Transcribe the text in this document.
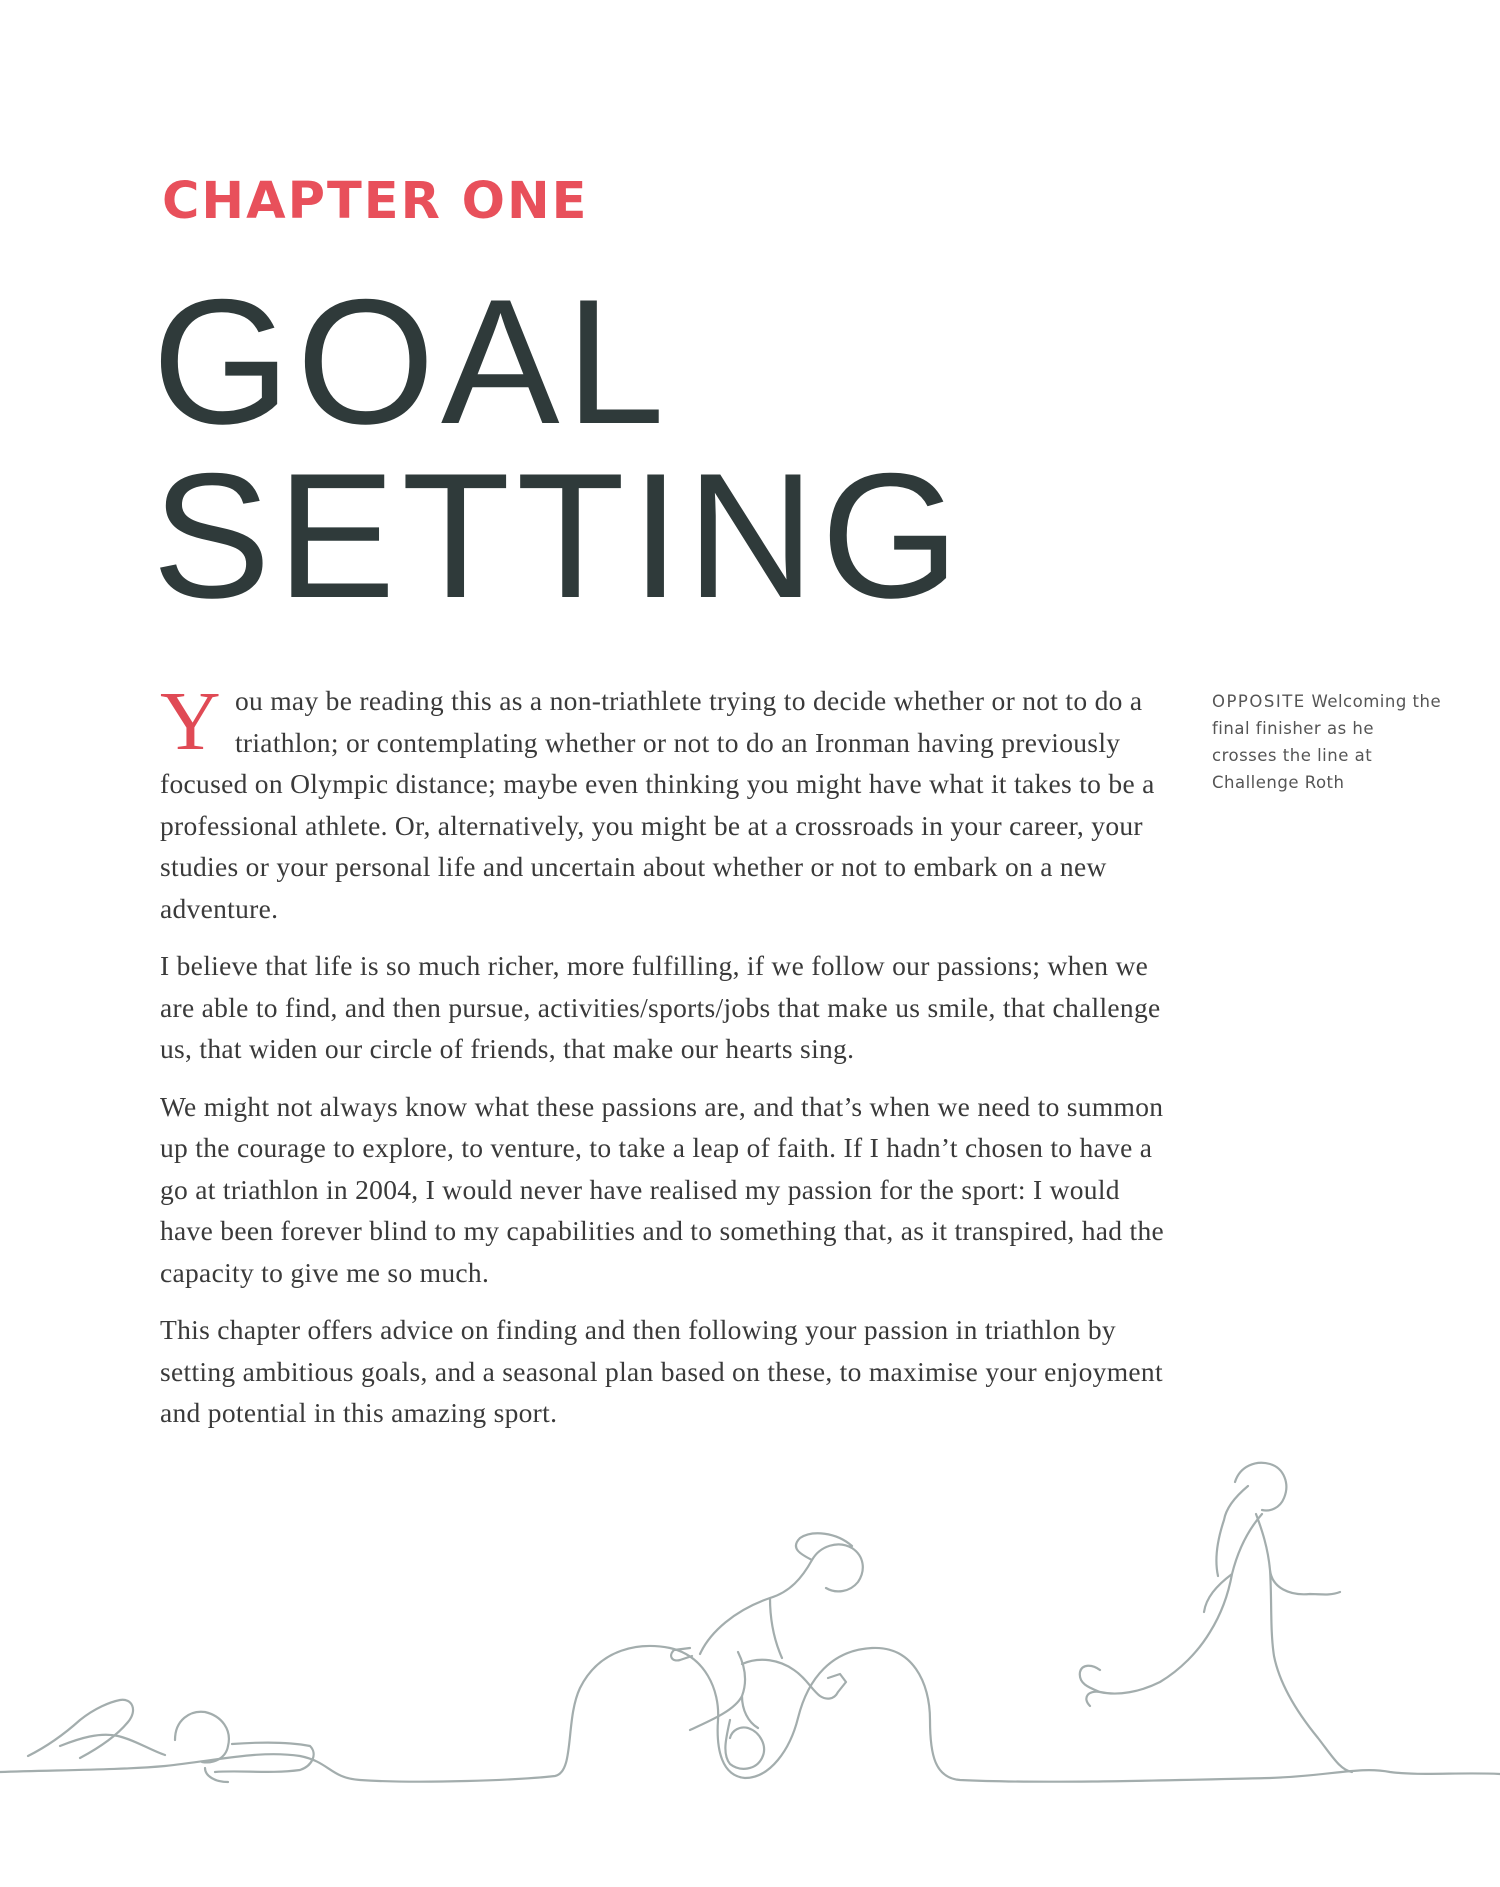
CHAPTER ONE
GOAL
SETTING

You may be reading this as a non-triathlete trying to decide whether or not to do a triathlon; or contemplating whether or not to do an Ironman having previously focused on Olympic distance; maybe even thinking you might have what it takes to be a professional athlete. Or, alternatively, you might be at a crossroads in your career, your studies or your personal life and uncertain about whether or not to embark on a new adventure.

I believe that life is so much richer, more fulfilling, if we follow our passions; when we are able to find, and then pursue, activities/sports/jobs that make us smile, that challenge us, that widen our circle of friends, that make our hearts sing.

We might not always know what these passions are, and that’s when we need to summon up the courage to explore, to venture, to take a leap of faith. If I hadn’t chosen to have a go at triathlon in 2004, I would never have realised my passion for the sport: I would have been forever blind to my capabilities and to something that, as it transpired, had the capacity to give me so much.

This chapter offers advice on finding and then following your passion in triathlon by setting ambitious goals, and a seasonal plan based on these, to maximise your enjoyment and potential in this amazing sport.

OPPOSITE Welcoming the final finisher as he crosses the line at Challenge Roth
